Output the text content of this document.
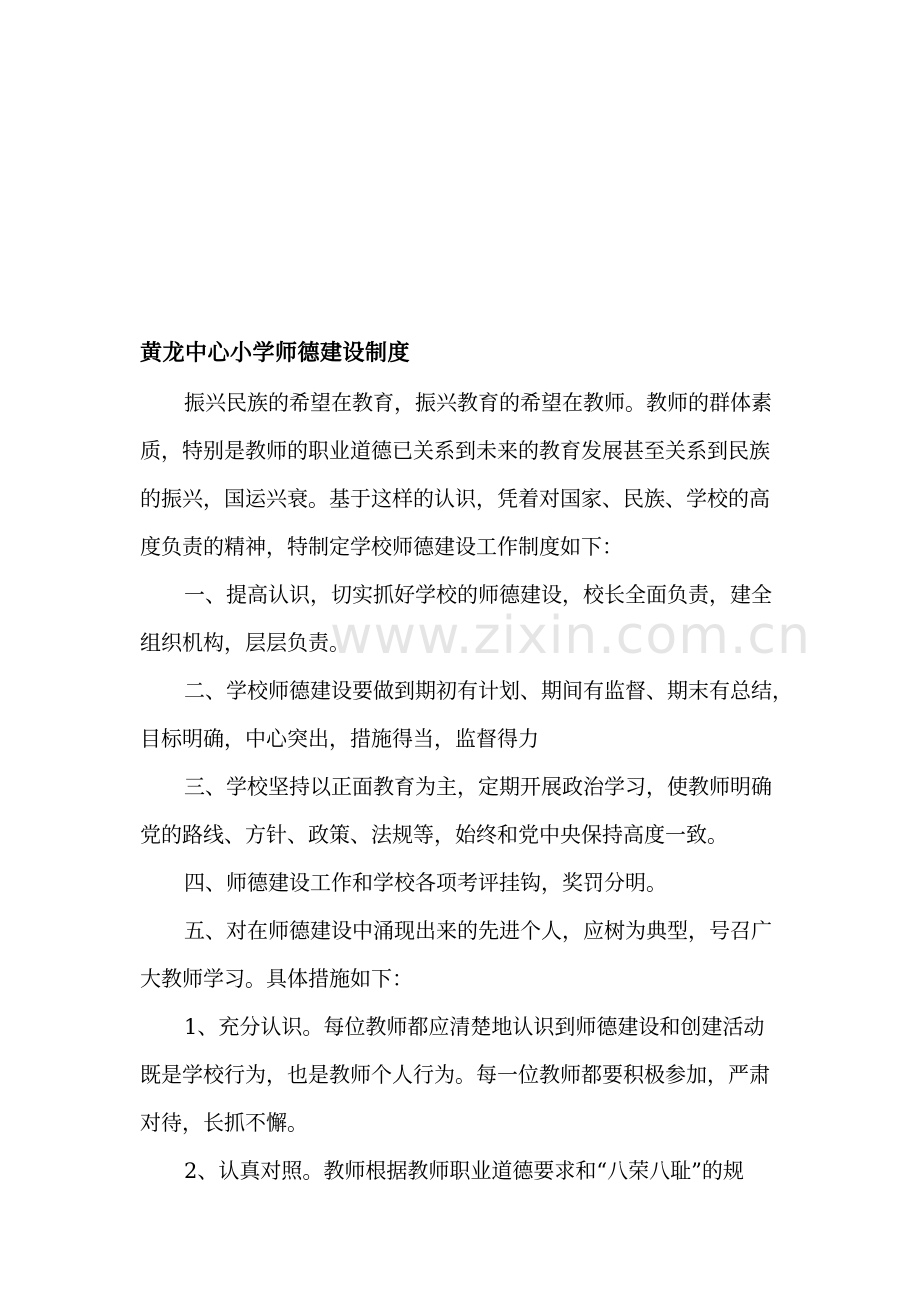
www.zixin.com.cn
黄龙中心小学师德建设制度
振兴民族的希望在教育，振兴教育的希望在教师。教师的群体素
质，特别是教师的职业道德已关系到未来的教育发展甚至关系到民族
的振兴，国运兴衰。基于这样的认识，凭着对国家、民族、学校的高
度负责的精神，特制定学校师德建设工作制度如下：
一、提高认识，切实抓好学校的师德建设，校长全面负责，建全
组织机构，层层负责。
二、学校师德建设要做到期初有计划、期间有监督、期末有总结，
目标明确，中心突出，措施得当，监督得力
三、学校坚持以正面教育为主，定期开展政治学习，使教师明确
党的路线、方针、政策、法规等，始终和党中央保持高度一致。
四、师德建设工作和学校各项考评挂钩，奖罚分明。
五、对在师德建设中涌现出来的先进个人，应树为典型，号召广
大教师学习。具体措施如下：
1、充分认识。每位教师都应清楚地认识到师德建设和创建活动
既是学校行为，也是教师个人行为。每一位教师都要积极参加，严肃
对待，长抓不懈。
2、认真对照。教师根据教师职业道德要求和“八荣八耻”的规
